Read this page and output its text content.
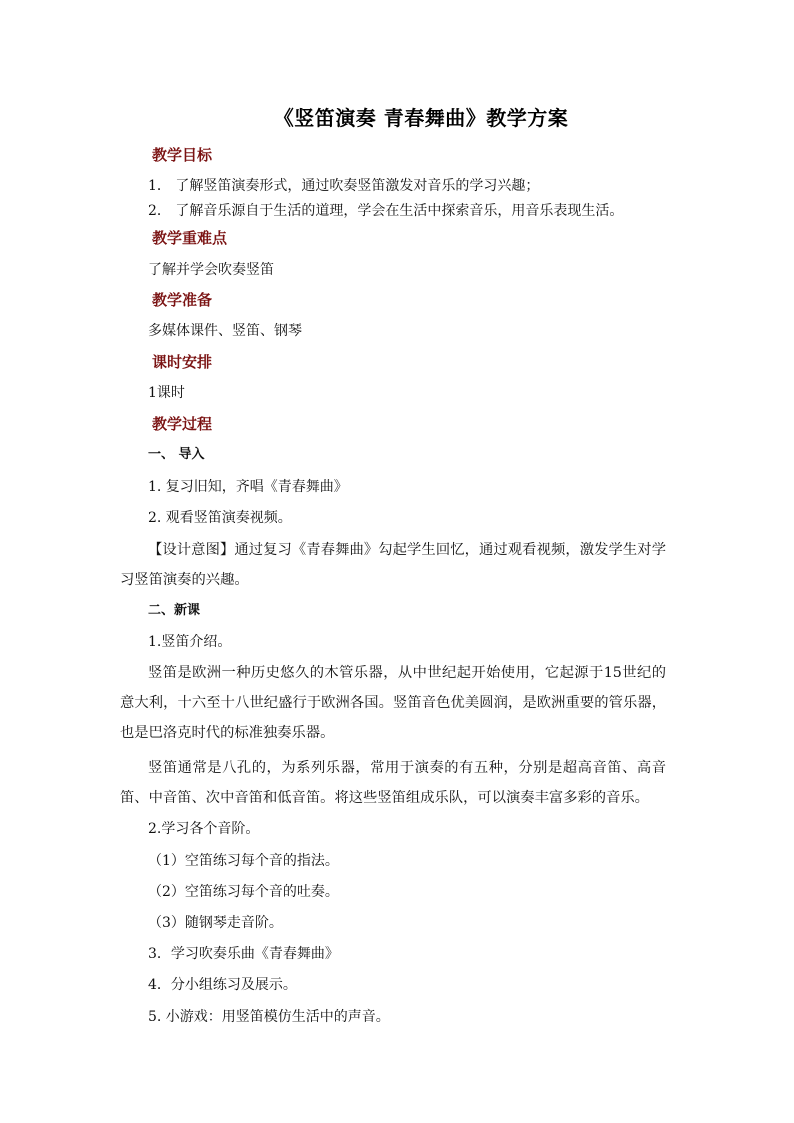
《竖笛演奏 青春舞曲》教学方案
教学目标
1． 了解竖笛演奏形式，通过吹奏竖笛激发对音乐的学习兴趣；
2． 了解音乐源自于生活的道理，学会在生活中探索音乐，用音乐表现生活。
教学重难点
了解并学会吹奏竖笛
教学准备
多媒体课件、竖笛、钢琴
课时安排
1课时
教学过程
一、 导入
1. 复习旧知，齐唱《青春舞曲》
2. 观看竖笛演奏视频。
【设计意图】通过复习《青春舞曲》勾起学生回忆，通过观看视频，激发学生对学习竖笛演奏的兴趣。
二、新课
1.竖笛介绍。
竖笛是欧洲一种历史悠久的木管乐器，从中世纪起开始使用，它起源于15世纪的意大利，十六至十八世纪盛行于欧洲各国。竖笛音色优美圆润，是欧洲重要的管乐器，也是巴洛克时代的标准独奏乐器。
竖笛通常是八孔的，为系列乐器，常用于演奏的有五种，分别是超高音笛、高音笛、中音笛、次中音笛和低音笛。将这些竖笛组成乐队，可以演奏丰富多彩的音乐。
2.学习各个音阶。
（1）空笛练习每个音的指法。
（2）空笛练习每个音的吐奏。
（3）随钢琴走音阶。
3．学习吹奏乐曲《青春舞曲》
4．分小组练习及展示。
5. 小游戏：用竖笛模仿生活中的声音。
